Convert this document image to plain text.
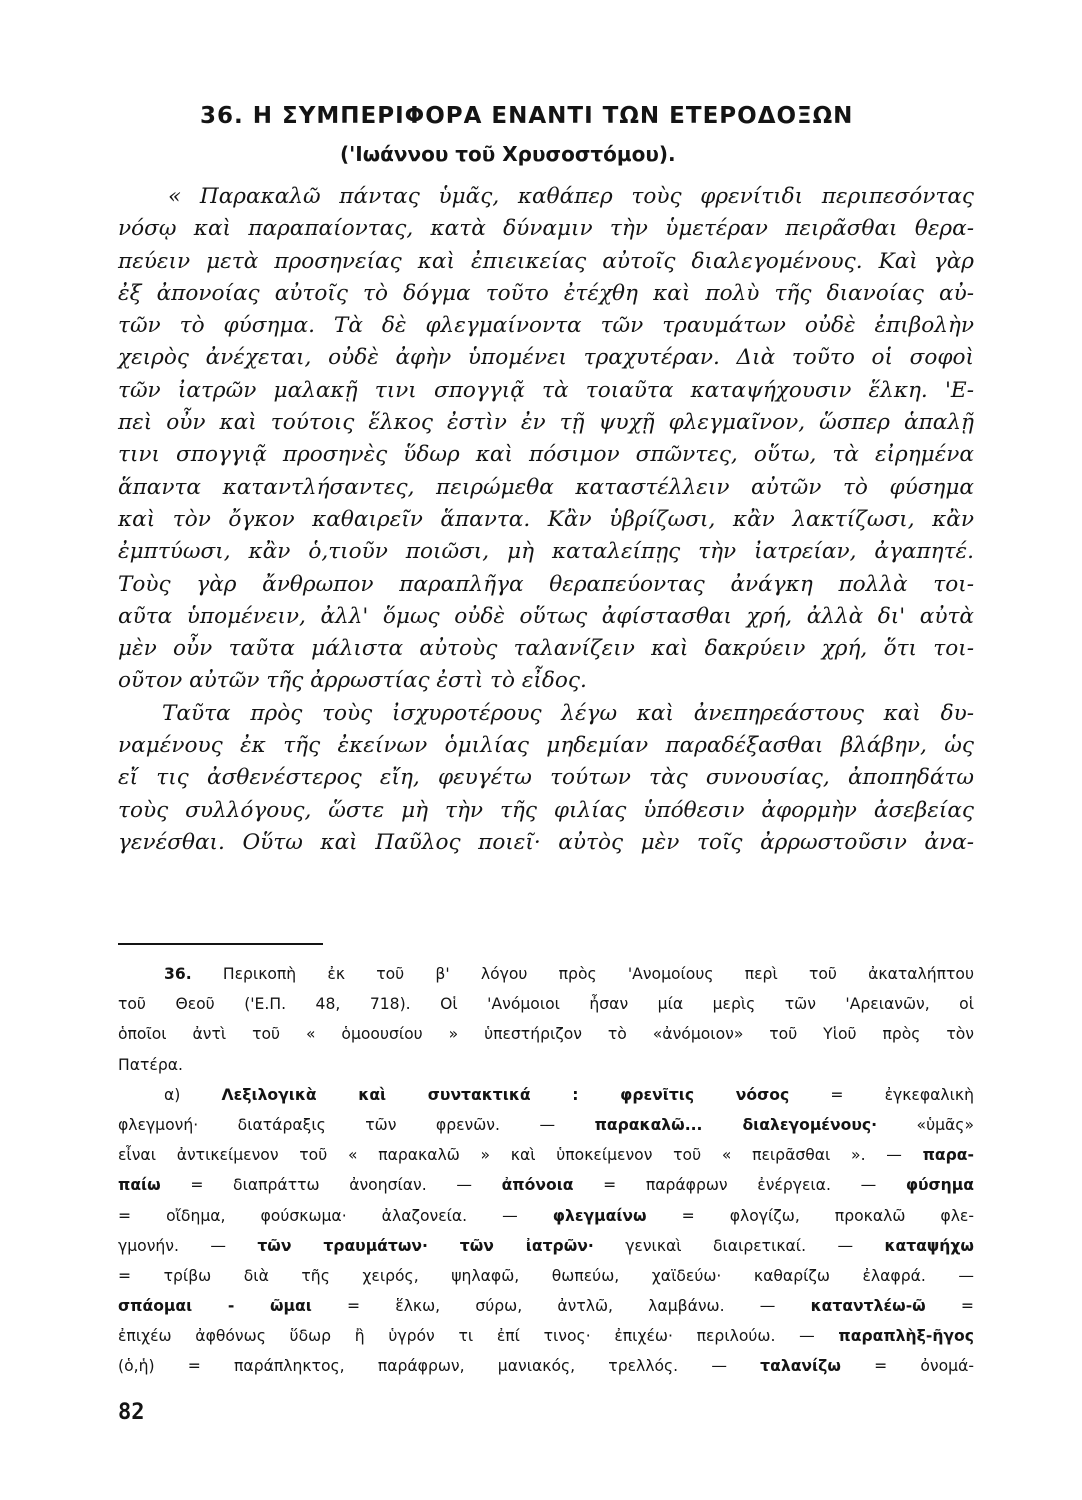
36. Η ΣΥΜΠΕΡΙΦΟΡΑ ΕΝΑΝΤΙ ΤΩΝ ΕΤΕΡΟΔΟΞΩΝ
('Ιωάννου τοῦ Χρυσοστόμου).
« Παρακαλῶ πάντας ὑμᾶς, καθάπερ τοὺς φρενίτιδι περιπεσόντας
νόσῳ καὶ παραπαίοντας, κατὰ δύναμιν τὴν ὑμετέραν πειρᾶσθαι θερα-
πεύειν μετὰ προσηνείας καὶ ἐπιεικείας αὐτοῖς διαλεγομένους. Καὶ γὰρ
ἐξ ἀπονοίας αὐτοῖς τὸ δόγμα τοῦτο ἐτέχθη καὶ πολὺ τῆς διανοίας αὐ-
τῶν τὸ φύσημα. Τὰ δὲ φλεγμαίνοντα τῶν τραυμάτων οὐδὲ ἐπιβολὴν
χειρὸς ἀνέχεται, οὐδὲ ἀφὴν ὑπομένει τραχυτέραν. Διὰ τοῦτο οἱ σοφοὶ
τῶν ἰατρῶν μαλακῇ τινι σπογγιᾷ τὰ τοιαῦτα καταψήχουσιν ἕλκη. 'Ε-
πεὶ οὖν καὶ τούτοις ἕλκος ἐστὶν ἐν τῇ ψυχῇ φλεγμαῖνον, ὥσπερ ἁπαλῇ
τινι σπογγιᾷ προσηνὲς ὕδωρ καὶ πόσιμον σπῶντες, οὕτω, τὰ εἰρημένα
ἅπαντα καταντλήσαντες, πειρώμεθα καταστέλλειν αὐτῶν τὸ φύσημα
καὶ τὸν ὄγκον καθαιρεῖν ἅπαντα. Κἂν ὑβρίζωσι, κἂν λακτίζωσι, κἂν
ἐμπτύωσι, κἂν ὁ,τιοῦν ποιῶσι, μὴ καταλείπῃς τὴν ἰατρείαν, ἀγαπητέ.
Τοὺς γὰρ ἄνθρωπον παραπλῆγα θεραπεύοντας ἀνάγκη πολλὰ τοι-
αῦτα ὑπομένειν, ἀλλ' ὅμως οὐδὲ οὕτως ἀφίστασθαι χρή, ἀλλὰ δι' αὐτὰ
μὲν οὖν ταῦτα μάλιστα αὐτοὺς ταλανίζειν καὶ δακρύειν χρή, ὅτι τοι-
οῦτον αὐτῶν τῆς ἀρρωστίας ἐστὶ τὸ εἶδος.
Ταῦτα πρὸς τοὺς ἰσχυροτέρους λέγω καὶ ἀνεπηρεάστους καὶ δυ-
ναμένους ἐκ τῆς ἐκείνων ὁμιλίας μηδεμίαν παραδέξασθαι βλάβην, ὡς
εἴ τις ἀσθενέστερος εἴη, φευγέτω τούτων τὰς συνουσίας, ἀποπηδάτω
τοὺς συλλόγους, ὥστε μὴ τὴν τῆς φιλίας ὑπόθεσιν ἀφορμὴν ἀσεβείας
γενέσθαι. Οὕτω καὶ Παῦλος ποιεῖ· αὐτὸς μὲν τοῖς ἀρρωστοῦσιν ἀνα-
36. Περικοπὴ ἐκ τοῦ β' λόγου πρὸς 'Ανομοίους περὶ τοῦ ἀκαταλήπτου
τοῦ Θεοῦ ('Ε.Π. 48, 718). Οἱ 'Ανόμοιοι ἦσαν μία μερὶς τῶν 'Αρειανῶν, οἱ
ὁποῖοι ἀντὶ τοῦ « ὁμοουσίου » ὑπεστήριζον τὸ «ἀνόμοιον» τοῦ Υἱοῦ πρὸς τὸν
Πατέρα.
α) Λεξιλογικὰ καὶ συντακτικά : φρενῖτις νόσος = ἐγκεφαλικὴ
φλεγμονή· διατάραξις τῶν φρενῶν. — παρακαλῶ... διαλεγομένους· «ὑμᾶς»
εἶναι ἀντικείμενον τοῦ « παρακαλῶ » καὶ ὑποκείμενον τοῦ « πειρᾶσθαι ». — παρα-
παίω = διαπράττω ἀνοησίαν. — ἀπόνοια = παράφρων ἐνέργεια. — φύσημα
= οἴδημα, φούσκωμα· ἀλαζονεία. — φλεγμαίνω = φλογίζω, προκαλῶ φλε-
γμονήν. — τῶν τραυμάτων· τῶν ἰατρῶν· γενικαὶ διαιρετικαί. — καταψήχω
= τρίβω διὰ τῆς χειρός, ψηλαφῶ, θωπεύω, χαϊδεύω· καθαρίζω ἐλαφρά. —
σπάομαι - ῶμαι = ἕλκω, σύρω, ἀντλῶ, λαμβάνω. — καταντλέω-ῶ =
ἐπιχέω ἀφθόνως ὕδωρ ἢ ὑγρόν τι ἐπί τινος· ἐπιχέω· περιλούω. — παραπλὴξ-ῆγος
(ὁ,ἡ) = παράπληκτος, παράφρων, μανιακός, τρελλός. — ταλανίζω = ὀνομά-
82
